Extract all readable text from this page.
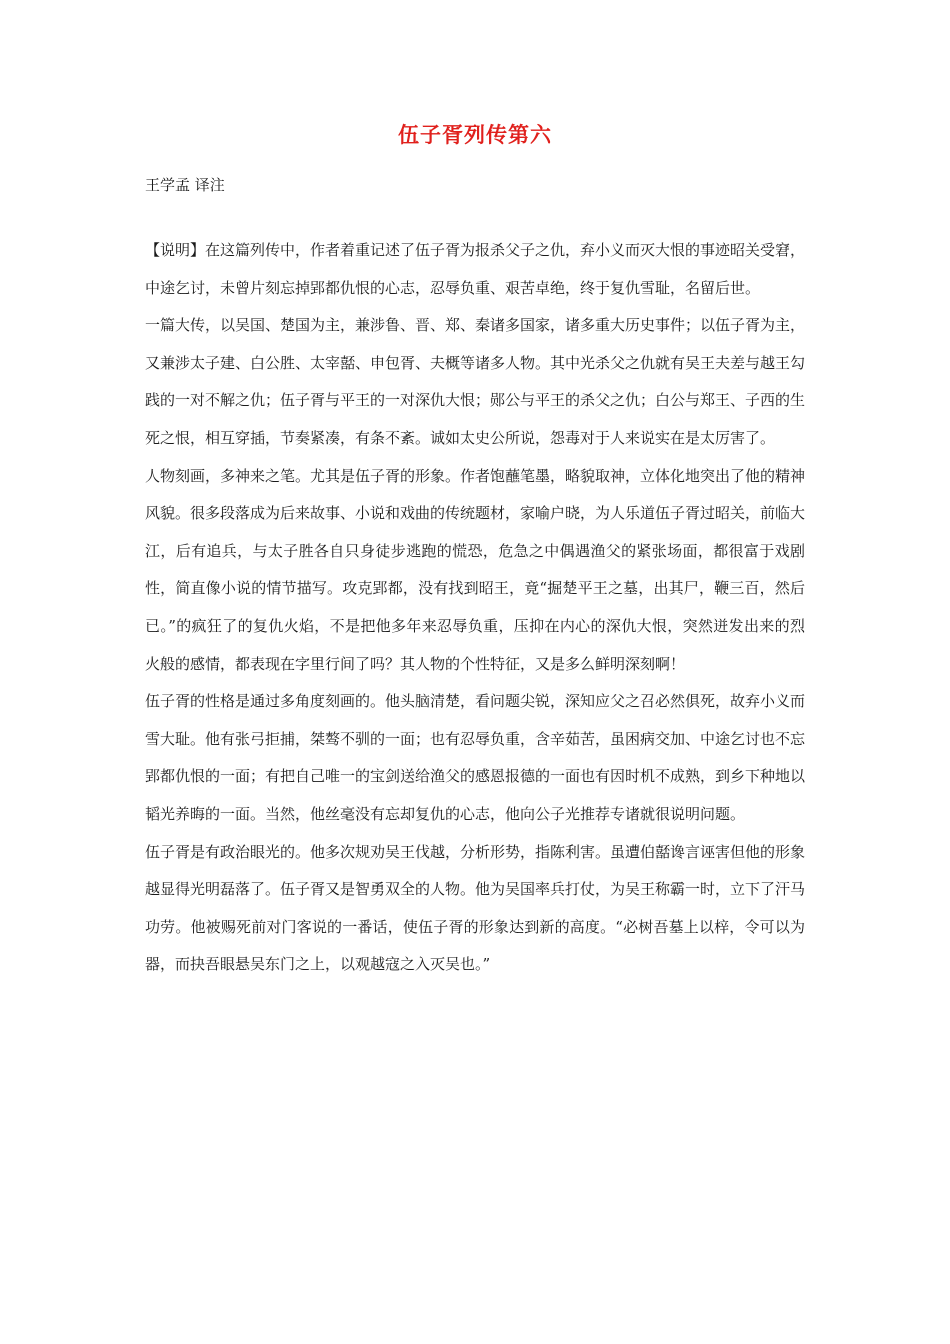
伍子胥列传第六
王学孟 译注

【说明】在这篇列传中，作者着重记述了伍子胥为报杀父子之仇，弃小义而灭大恨的事迹昭关受窘，中途乞讨，未曾片刻忘掉郢都仇恨的心志，忍辱负重、艰苦卓绝，终于复仇雪耻，名留后世。

一篇大传，以吴国、楚国为主，兼涉鲁、晋、郑、秦诸多国家，诸多重大历史事件；以伍子胥为主，又兼涉太子建、白公胜、太宰嚭、申包胥、夫概等诸多人物。其中光杀父之仇就有吴王夫差与越王勾践的一对不解之仇；伍子胥与平王的一对深仇大恨；郧公与平王的杀父之仇；白公与郑王、子西的生死之恨，相互穿插，节奏紧凑，有条不紊。诚如太史公所说，怨毒对于人来说实在是太厉害了。

人物刻画，多神来之笔。尤其是伍子胥的形象。作者饱蘸笔墨，略貌取神，立体化地突出了他的精神风貌。很多段落成为后来故事、小说和戏曲的传统题材，家喻户晓，为人乐道伍子胥过昭关，前临大江，后有追兵，与太子胜各自只身徒步逃跑的慌恐，危急之中偶遇渔父的紧张场面，都很富于戏剧性，简直像小说的情节描写。攻克郢都，没有找到昭王，竟“掘楚平王之墓，出其尸，鞭三百，然后已。”的疯狂了的复仇火焰，不是把他多年来忍辱负重，压抑在内心的深仇大恨，突然迸发出来的烈火般的感情，都表现在字里行间了吗？其人物的个性特征，又是多么鲜明深刻啊！

伍子胥的性格是通过多角度刻画的。他头脑清楚，看问题尖锐，深知应父之召必然俱死，故弃小义而雪大耻。他有张弓拒捕，桀骜不驯的一面；也有忍辱负重，含辛茹苦，虽困病交加、中途乞讨也不忘郢都仇恨的一面；有把自己唯一的宝剑送给渔父的感恩报德的一面也有因时机不成熟，到乡下种地以韬光养晦的一面。当然，他丝毫没有忘却复仇的心志，他向公子光推荐专诸就很说明问题。

伍子胥是有政治眼光的。他多次规劝吴王伐越，分析形势，指陈利害。虽遭伯嚭谗言诬害但他的形象越显得光明磊落了。伍子胥又是智勇双全的人物。他为吴国率兵打仗，为吴王称霸一时，立下了汗马功劳。他被赐死前对门客说的一番话，使伍子胥的形象达到新的高度。“必树吾墓上以梓，令可以为器，而抉吾眼悬吴东门之上，以观越寇之入灭吴也。”
